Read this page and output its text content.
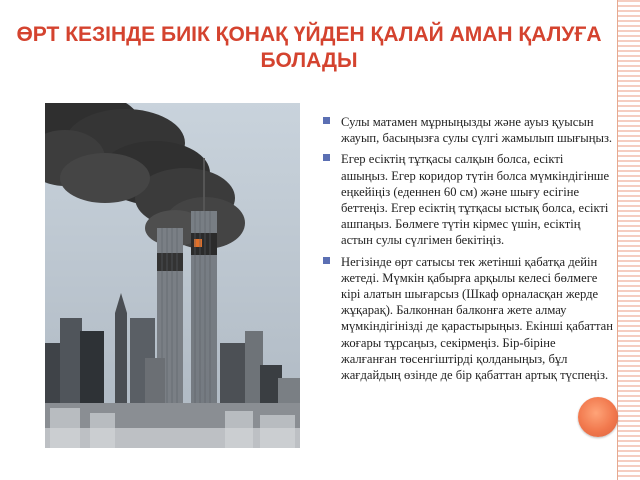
ӨРТ КЕЗІНДЕ БИІК ҚОНАҚ ҮЙДЕН ҚАЛАЙ АМАН ҚАЛУҒА БОЛАДЫ
Сулы матамен мұрныңызды және ауыз қуысын жауып, басыңызға сулы сүлгі жамылып шығыңыз.
Егер есіктің тұтқасы салқын болса, есікті ашыңыз. Егер коридор түтін болса мүмкіндігінше еңкейіңіз (еденнен 60 см) және шығу есігіне беттеңіз. Егер есіктің тұтқасы ыстық болса, есікті ашпаңыз. Бөлмеге түтін кірмес үшін, есіктің астын сулы сүлгімен бекітіңіз.
Негізінде өрт сатысы тек жетінші қабатқа дейін жетеді. Мүмкін қабырға арқылы келесі бөлмеге кірі алатын шығарсыз (Шкаф орналасқан жерде жұқарақ). Балконнан балконға жете алмау мүмкіндігінізді де қарастырыңыз. Екінші қабаттан жоғары тұрсаңыз, секірмеңіз. Бір-біріне жалғанған төсенгіштірді қолданыңыз, бұл жағдайдың өзінде де бір қабаттан артық түспеңіз.
